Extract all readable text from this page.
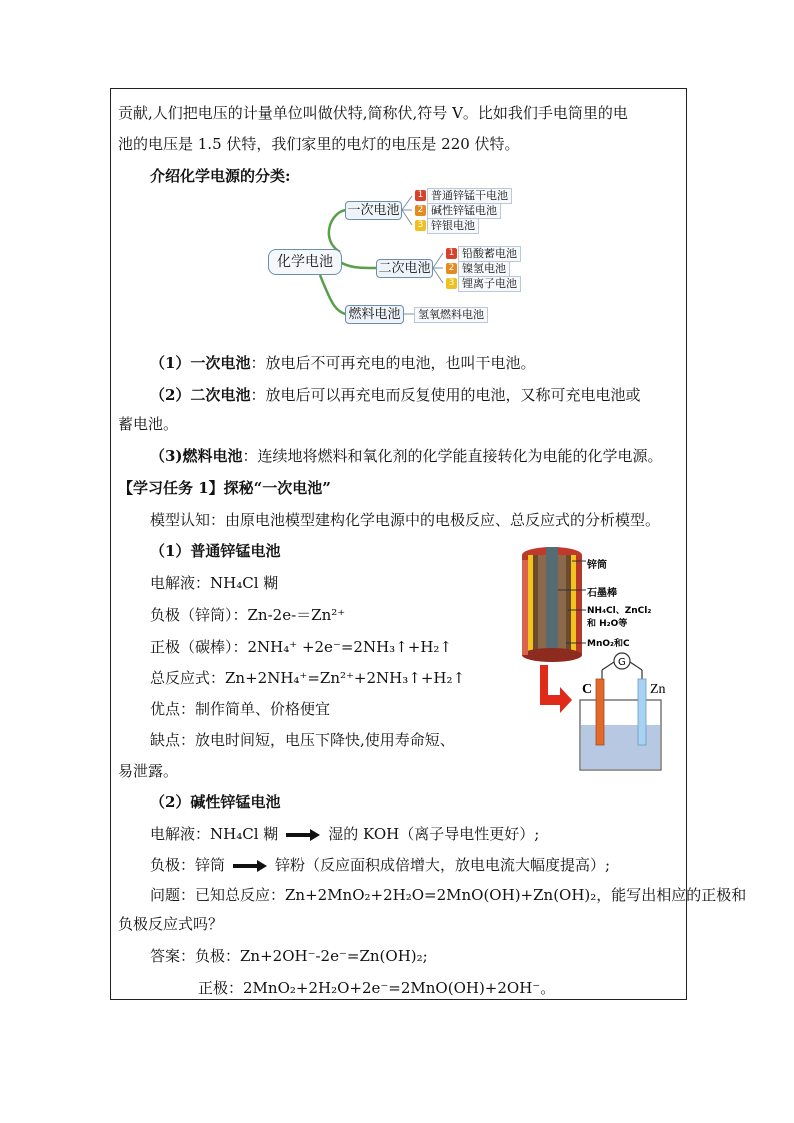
贡献,人们把电压的计量单位叫做伏特,简称伏,符号 V。比如我们手电筒里的电
池的电压是 1.5 伏特，我们家里的电灯的电压是 220 伏特。
介绍化学电源的分类:
化学电池
一次电池
二次电池
燃料电池
1 普通锌锰干电池
2 碱性锌锰电池
3 锌银电池
1 铅酸蓄电池
2 镍氢电池
3 锂离子电池
氢氧燃料电池
（1）一次电池：放电后不可再充电的电池，也叫干电池。
（2）二次电池：放电后可以再充电而反复使用的电池，又称可充电电池或
蓄电池。
（3)燃料电池：连续地将燃料和氧化剂的化学能直接转化为电能的化学电源。
【学习任务 1】探秘“一次电池”
模型认知：由原电池模型建构化学电源中的电极反应、总反应式的分析模型。
（1）普通锌锰电池
电解液：NH₄Cl 糊
负极（锌筒）：Zn-2e-＝Zn²⁺
正极（碳棒）：2NH₄⁺ +2e⁻=2NH₃↑+H₂↑
总反应式：Zn+2NH₄⁺=Zn²⁺+2NH₃↑+H₂↑
优点：制作简单、价格便宜
缺点：放电时间短，电压下降快,使用寿命短、
易泄露。
锌筒
石墨棒
NH₄Cl、ZnCl₂
和 H₂O等
MnO₂和C
G
C	Zn
（2）碱性锌锰电池
电解液：NH₄Cl 糊	湿的 KOH（离子导电性更好）;
负极：锌筒	锌粉（反应面积成倍增大，放电电流大幅度提高）;
问题：已知总反应：Zn+2MnO₂+2H₂O=2MnO(OH)+Zn(OH)₂，能写出相应的正极和
负极反应式吗？
答案：负极：Zn+2OH⁻-2e⁻=Zn(OH)₂;
正极：2MnO₂+2H₂O+2e⁻=2MnO(OH)+2OH⁻。
